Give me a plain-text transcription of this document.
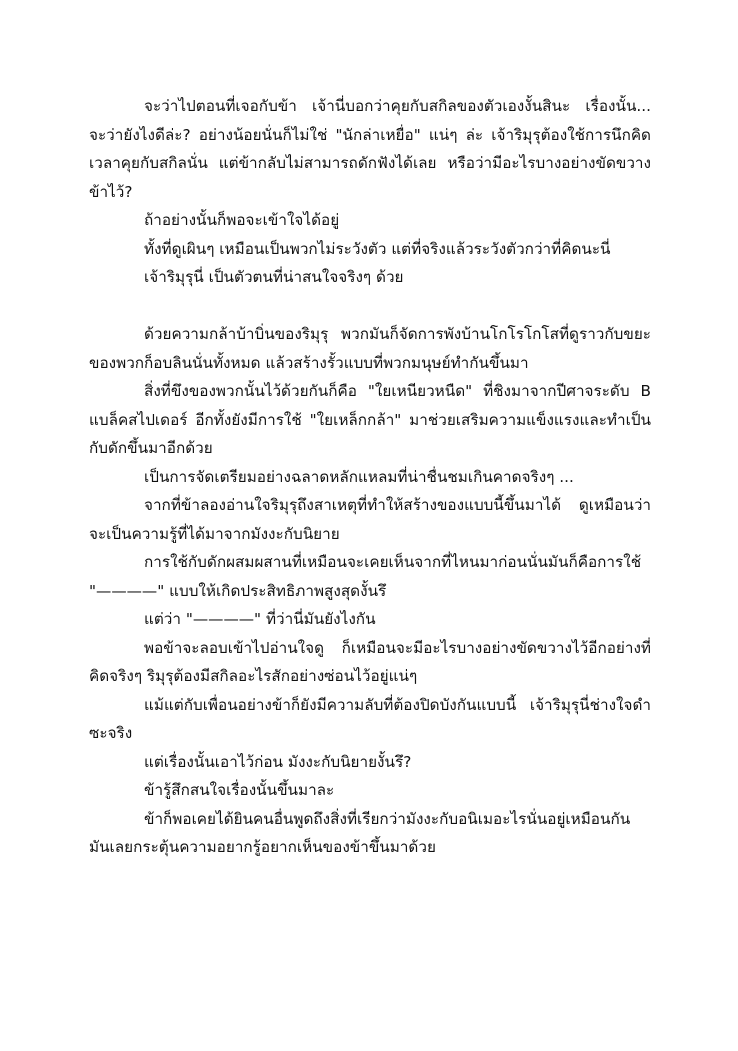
จะว่าไปตอนที่เจอกับข้า เจ้านี่บอกว่าคุยกับสกิลของตัวเองงั้นสินะ เรื่องนั้น... จะว่ายังไงดีล่ะ? อย่างน้อยนั่นก็ไม่ใช่ "นักล่าเหยื่อ" แน่ๆ ล่ะ เจ้าริมุรุต้องใช้การนึกคิดเวลาคุยกับสกิลนั่น แต่ข้ากลับไม่สามารถดักฟังได้เลย หรือว่ามีอะไรบางอย่างขัดขวางข้าไว้?

ถ้าอย่างนั้นก็พอจะเข้าใจได้อยู่

ทั้งที่ดูเผินๆ เหมือนเป็นพวกไม่ระวังตัว แต่ที่จริงแล้วระวังตัวกว่าที่คิดนะนี่

เจ้าริมุรุนี่ เป็นตัวตนที่น่าสนใจจริงๆ ด้วย

ด้วยความกล้าบ้าบิ่นของริมุรุ พวกมันก็จัดการพังบ้านโกโรโกโสที่ดูราวกับขยะของพวกก็อบลินนั่นทั้งหมด แล้วสร้างรั้วแบบที่พวกมนุษย์ทำกันขึ้นมา

สิ่งที่ขึงของพวกนั้นไว้ด้วยกันก็คือ "ใยเหนียวหนืด" ที่ชิงมาจากปีศาจระดับ B แบล็คสไปเดอร์ อีกทั้งยังมีการใช้ "ใยเหล็กกล้า" มาช่วยเสริมความแข็งแรงและทำเป็นกับดักขึ้นมาอีกด้วย

เป็นการจัดเตรียมอย่างฉลาดหลักแหลมที่น่าชื่นชมเกินคาดจริงๆ ...

จากที่ข้าลองอ่านใจริมุรุถึงสาเหตุที่ทำให้สร้างของแบบนี้ขึ้นมาได้ ดูเหมือนว่าจะเป็นความรู้ที่ได้มาจากมังงะกับนิยาย

การใช้กับดักผสมผสานที่เหมือนจะเคยเห็นจากที่ไหนมาก่อนนั่นมันก็คือการใช้ "————" แบบให้เกิดประสิทธิภาพสูงสุดงั้นรึ

แต่ว่า "————" ที่ว่านี่มันยังไงกัน

พอข้าจะลอบเข้าไปอ่านใจดู ก็เหมือนจะมีอะไรบางอย่างขัดขวางไว้อีกอย่างที่คิดจริงๆ ริมุรุต้องมีสกิลอะไรสักอย่างซ่อนไว้อยู่แน่ๆ

แม้แต่กับเพื่อนอย่างข้าก็ยังมีความลับที่ต้องปิดบังกันแบบนี้ เจ้าริมุรุนี่ช่างใจดำซะจริง

แต่เรื่องนั้นเอาไว้ก่อน มังงะกับนิยายงั้นรึ?

ข้ารู้สึกสนใจเรื่องนั้นขึ้นมาละ

ข้าก็พอเคยได้ยินคนอื่นพูดถึงสิ่งที่เรียกว่ามังงะกับอนิเมอะไรนั่นอยู่เหมือนกัน มันเลยกระตุ้นความอยากรู้อยากเห็นของข้าขึ้นมาด้วย
